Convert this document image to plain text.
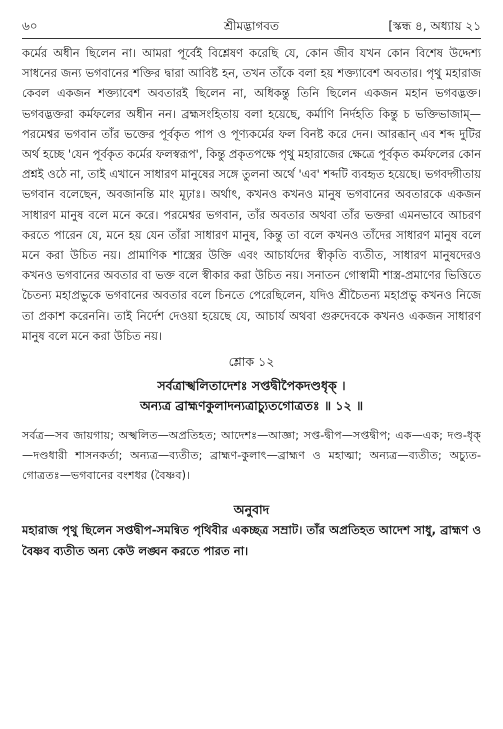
৬০	শ্রীমদ্ভাগবত	[স্কন্ধ ৪, অধ্যায় ২১

কর্মের অধীন ছিলেন না। আমরা পূর্বেই বিশ্লেষণ করেছি যে, কোন জীব যখন কোন বিশেষ উদ্দেশ্য সাধনের জন্য ভগবানের শক্তির দ্বারা আবিষ্ট হন, তখন তাঁকে বলা হয় শক্ত্যাবেশ অবতার। পৃথু মহারাজ কেবল একজন শক্ত্যাবেশ অবতারই ছিলেন না, অধিকন্তু তিনি ছিলেন একজন মহান ভগবদ্ভক্ত। ভগবদ্ভক্তরা কর্মফলের অধীন নন। ব্রহ্মসংহিতায় বলা হয়েছে, কর্মাণি নির্দহতি কিন্তু চ ভক্তিভাজাম্— পরমেশ্বর ভগবান তাঁর ভক্তের পূর্বকৃত পাপ ও পূণ্যকর্মের ফল বিনষ্ট করে দেন। আরব্ধান্ এব শব্দ দুটির অর্থ হচ্ছে 'যেন পূর্বকৃত কর্মের ফলস্বরূপ', কিন্তু প্রকৃতপক্ষে পৃথু মহারাজের ক্ষেত্রে পূর্বকৃত কর্মফলের কোন প্রশ্নই ওঠে না, তাই এখানে সাধারণ মানুষের সঙ্গে তুলনা অর্থে 'এব' শব্দটি ব্যবহৃত হয়েছে। ভগবদ্গীতায় ভগবান বলেছেন, অবজানন্তি মাং মূঢ়াঃ। অর্থাৎ, কখনও কখনও মানুষ ভগবানের অবতারকে একজন সাধারণ মানুষ বলে মনে করে। পরমেশ্বর ভগবান, তাঁর অবতার অথবা তাঁর ভক্তরা এমনভাবে আচরণ করতে পারেন যে, মনে হয় যেন তাঁরা সাধারণ মানুষ, কিন্তু তা বলে কখনও তাঁদের সাধারণ মানুষ বলে মনে করা উচিত নয়। প্রামাণিক শাস্ত্রের উক্তি এবং আচার্যদের স্বীকৃতি ব্যতীত, সাধারণ মানুষদেরও কখনও ভগবানের অবতার বা ভক্ত বলে স্বীকার করা উচিত নয়। সনাতন গোস্বামী শাস্ত্র-প্রমাণের ভিত্তিতে চৈতন্য মহাপ্রভুকে ভগবানের অবতার বলে চিনতে পেরেছিলেন, যদিও শ্রীচৈতন্য মহাপ্রভু কখনও নিজে তা প্রকাশ করেননি। তাই নির্দেশ দেওয়া হয়েছে যে, আচার্য অথবা গুরুদেবকে কখনও একজন সাধারণ মানুষ বলে মনে করা উচিত নয়।

শ্লোক ১২
সর্বত্রাস্খলিতাদেশঃ সপ্তদ্বীপৈকদণ্ডধৃক্ ।
অন্যত্র ব্রাহ্মণকুলাদন্যত্রাচ্যুতগোত্রতঃ ॥ ১২ ॥
সর্বত্র—সব জায়গায়; অস্খলিত—অপ্রতিহত; আদেশঃ—আজ্ঞা; সপ্ত-দ্বীপ—সপ্তদ্বীপ; এক—এক; দণ্ড-ধৃক্—দণ্ডধারী শাসনকর্তা; অন্যত্র—ব্যতীত; ব্রাহ্মণ-কুলাৎ—ব্রাহ্মণ ও মহাত্মা; অন্যত্র—ব্যতীত; অচ্যুত-গোত্রতঃ—ভগবানের বংশধর (বৈষ্ণব)।
অনুবাদ
মহারাজ পৃথু ছিলেন সপ্তদ্বীপ-সমন্বিত পৃথিবীর একচ্ছত্র সম্রাট। তাঁর অপ্রতিহত আদেশ সাধু, ব্রাহ্মণ ও বৈষ্ণব ব্যতীত অন্য কেউ লঙ্ঘন করতে পারত না।
